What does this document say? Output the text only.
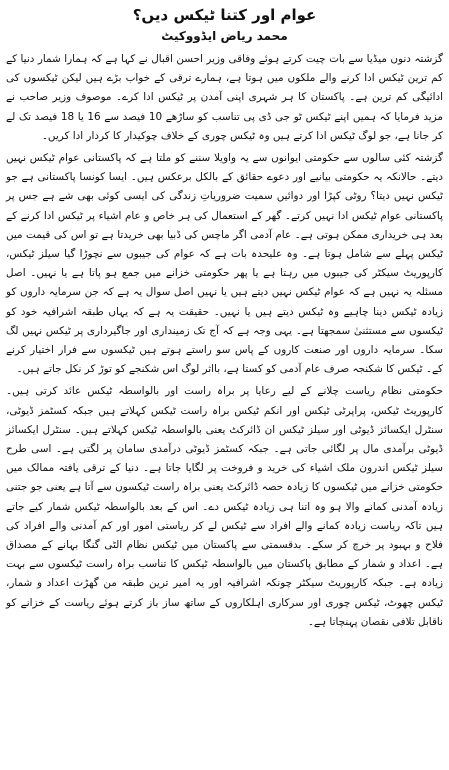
عوام اور کتنا ٹیکس دیں؟
محمد ریاض ایڈووکیٹ

گزشتہ دنوں میڈیا سے بات چیت کرتے ہوئے وفاقی وزیر احسن اقبال نے کہا ہے کہ ہمارا شمار دنیا کے کم ترین ٹیکس ادا کرنے والے ملکوں میں ہوتا ہے، ہمارے ترقی کے خواب بڑے ہیں لیکن ٹیکسوں کی ادائیگی کم ترین ہے۔ پاکستان کا ہر شہری اپنی آمدن پر ٹیکس ادا کرے۔ موصوف وزیر صاحب نے مزید فرمایا کہ ہمیں اپنے ٹیکس ٹو جی ڈی پی تناسب کو ساڑھے 10 فیصد سے 16 یا 18 فیصد تک لے کر جانا ہے، جو لوگ ٹیکس ادا کرتے ہیں وہ ٹیکس چوری کے خلاف چوکیدار کا کردار ادا کریں۔

گزشتہ کئی سالوں سے حکومتی ایوانوں سے یہ واویلا سننے کو ملتا ہے کہ پاکستانی عوام ٹیکس نہیں دیتے۔ حالانکہ یہ حکومتی بیانیے اور دعوے حقائق کے بالکل برعکس ہیں۔ ایسا کونسا پاکستانی ہے جو ٹیکس نہیں دیتا؟ روٹی کپڑا اور دوائیں سمیت ضروریاتِ زندگی کی ایسی کوئی بھی شے ہے جس پر پاکستانی عوام ٹیکس ادا نہیں کرتے۔ گھر کے استعمال کی ہر خاص و عام اشیاء پر ٹیکس ادا کرنے کے بعد ہی خریداری ممکن ہوتی ہے۔ عام آدمی اگر ماچس کی ڈبیا بھی خریدتا ہے تو اس کی قیمت میں ٹیکس پہلے سے شامل ہوتا ہے۔ وہ علیحدہ بات ہے کہ عوام کی جیبوں سے نچوڑا گیا سیلز ٹیکس، کارپوریٹ سیکٹر کی جیبوں میں رہتا ہے یا پھر حکومتی خزانے میں جمع ہو پاتا ہے یا نہیں۔ اصل مسئلہ یہ نہیں ہے کہ عوام ٹیکس نہیں دیتے ہیں یا نہیں اصل سوال یہ ہے کہ جن سرمایہ داروں کو زیادہ ٹیکس دینا چاہیے وہ ٹیکس دیتے ہیں یا نہیں۔ حقیقت یہ ہے کہ یہاں طبقہ اشرافیہ خود کو ٹیکسوں سے مستثنیٰ سمجھتا ہے۔ یہی وجہ ہے کہ آج تک زمینداری اور جاگیرداری پر ٹیکس نہیں لگ سکا۔ سرمایہ داروں اور صنعت کاروں کے پاس سو راستے ہوتے ہیں ٹیکسوں سے فرار اختیار کرنے کے۔ ٹیکس کا شکنجہ صرف عام آدمی کو کستا ہے، بااثر لوگ اس شکنجے کو توڑ کر نکل جاتے ہیں۔

حکومتی نظام ریاست چلانے کے لیے رعایا پر براہ راست اور بالواسطہ ٹیکس عائد کرتی ہیں۔ کارپوریٹ ٹیکس، پراپرٹی ٹیکس اور انکم ٹیکس براہ راست ٹیکس کہلاتے ہیں جبکہ کسٹمز ڈیوٹی، سنٹرل ایکسائز ڈیوٹی اور سیلز ٹیکس ان ڈائرکٹ یعنی بالواسطہ ٹیکس کہلاتے ہیں۔ سنٹرل ایکسائز ڈیوٹی برآمدی مال پر لگائی جاتی ہے۔ جبکہ کسٹمز ڈیوٹی درآمدی سامان پر لگتی ہے۔ اسی طرح سیلز ٹیکس اندرون ملک اشیاء کی خرید و فروخت پر لگایا جاتا ہے۔ دنیا کے ترقی یافتہ ممالک میں حکومتی خزانے میں ٹیکسوں کا زیادہ حصہ ڈائرکٹ یعنی براہ راست ٹیکسوں سے آتا ہے یعنی جو جتنی زیادہ آمدنی کمانے والا ہو وہ اتنا ہی زیادہ ٹیکس دے۔ اس کے بعد بالواسطہ ٹیکس شمار کیے جاتے ہیں تاکہ ریاست زیادہ کمانے والے افراد سے ٹیکس لے کر ریاستی امور اور کم آمدنی والے افراد کی فلاح و بہبود پر خرچ کر سکے۔ بدقسمتی سے پاکستان میں ٹیکس نظام الٹی گنگا بہانے کے مصداق ہے۔ اعداد و شمار کے مطابق پاکستان میں بالواسطہ ٹیکس کا تناسب براہ راست ٹیکسوں سے بہت زیادہ ہے۔ جبکہ کارپوریٹ سیکٹر چونکہ اشرافیہ اور یہ امیر ترین طبقہ من گھڑت اعداد و شمار، ٹیکس چھوٹ، ٹیکس چوری اور سرکاری اہلکاروں کے ساتھ ساز باز کرتے ہوئے ریاست کے خزانے کو ناقابل تلافی نقصان پہنچاتا ہے۔
